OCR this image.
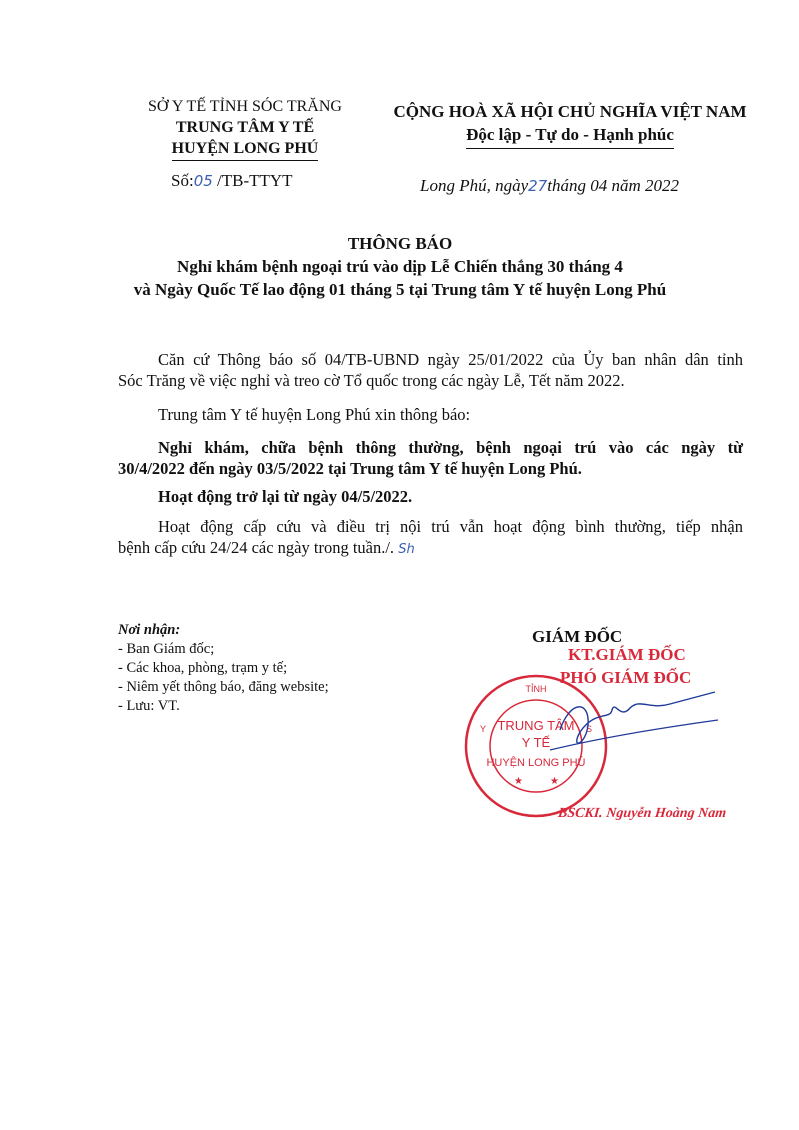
SỞ Y TẾ TỈNH SÓC TRĂNG
TRUNG TÂM Y TẾ
HUYỆN LONG PHÚ
Số:05 /TB-TTYT
CỘNG HOÀ XÃ HỘI CHỦ NGHĨA VIỆT NAM
Độc lập - Tự do - Hạnh phúc
Long Phú, ngày27tháng 04 năm 2022
THÔNG BÁO
Nghỉ khám bệnh ngoại trú vào dịp Lễ Chiến thắng 30 tháng 4
và Ngày Quốc Tế lao động 01 tháng 5 tại Trung tâm Y tế huyện Long Phú
Căn cứ Thông báo số 04/TB-UBND ngày 25/01/2022 của Ủy ban nhân dân tỉnh
Sóc Trăng về việc nghỉ và treo cờ Tổ quốc trong các ngày Lễ, Tết năm 2022.
Trung tâm Y tế huyện Long Phú xin thông báo:
Nghỉ khám, chữa bệnh thông thường, bệnh ngoại trú vào các ngày từ
30/4/2022 đến ngày 03/5/2022 tại Trung tâm Y tế huyện Long Phú.
Hoạt động trở lại từ ngày 04/5/2022.
Hoạt động cấp cứu và điều trị nội trú vẫn hoạt động bình thường, tiếp nhận
bệnh cấp cứu 24/24 các ngày trong tuần./. Sh
Nơi nhận:
- Ban Giám đốc;
- Các khoa, phòng, trạm y tế;
- Niêm yết thông báo, đăng website;
- Lưu: VT.
GIÁM ĐỐC
KT.GIÁM ĐỐC
PHÓ GIÁM ĐỐC
TỈNH
TRUNG TÂM
Y TẾ
HUYỆN LONG PHÚ
★	★
Y	S
BSCKI. Nguyễn Hoàng Nam
